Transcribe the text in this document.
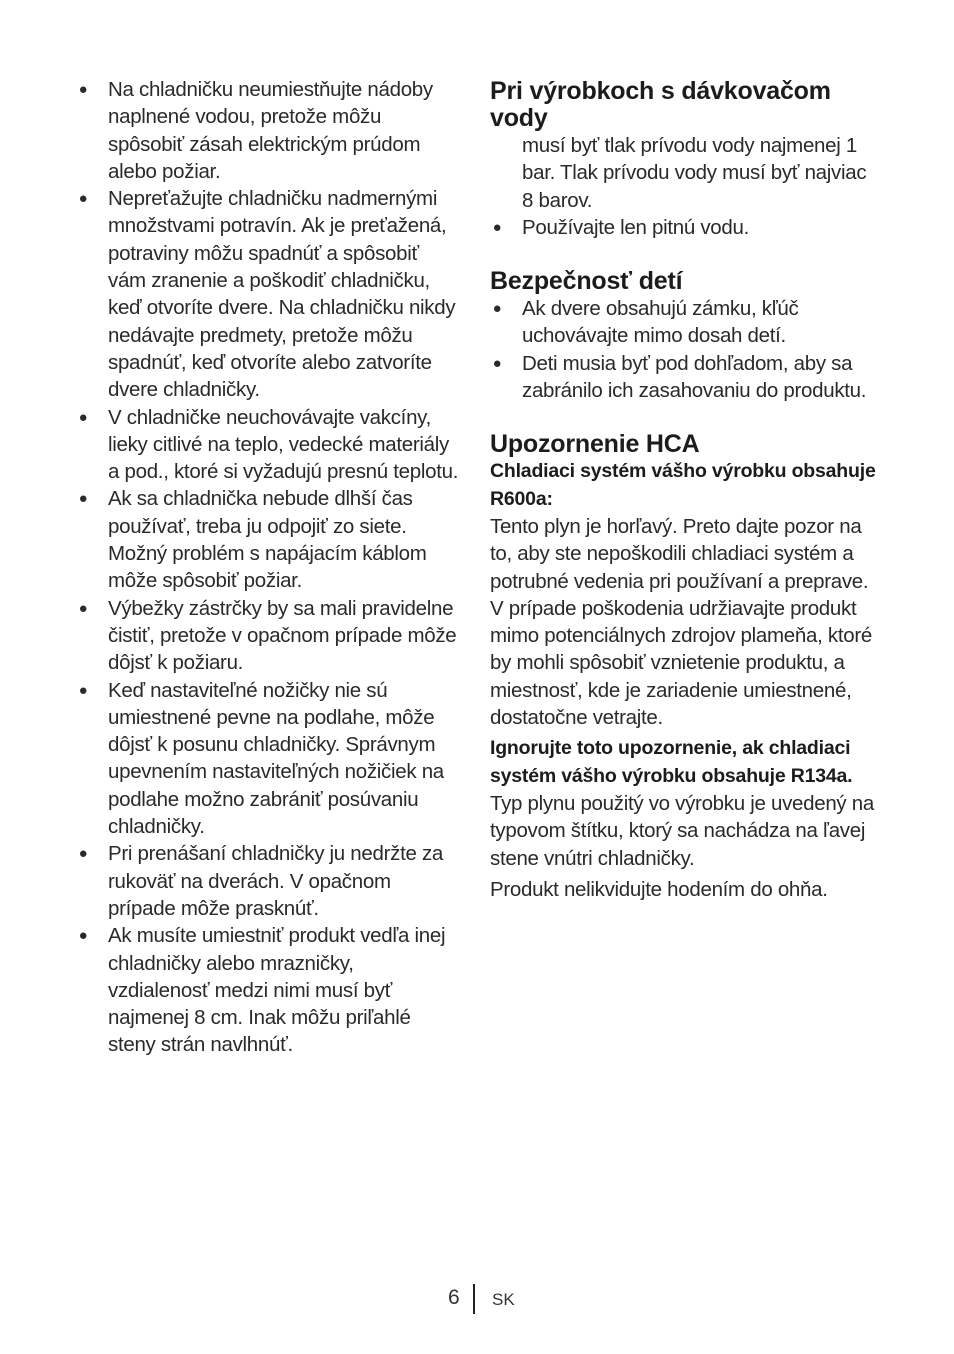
● Na chladničku neumiestňujte nádoby naplnené vodou, pretože môžu spôsobiť zásah elektrickým prúdom alebo požiar.
● Nepreťažujte chladničku nadmernými množstvami potravín. Ak je preťažená, potraviny môžu spadnúť a spôsobiť vám zranenie a poškodiť chladničku, keď otvoríte dvere. Na chladničku nikdy nedávajte predmety, pretože môžu spadnúť, keď otvoríte alebo zatvoríte dvere chladničky.
● V chladničke neuchovávajte vakcíny, lieky citlivé na teplo, vedecké materiály a pod., ktoré si vyžadujú presnú teplotu.
● Ak sa chladnička nebude dlhší čas používať, treba ju odpojiť zo siete. Možný problém s napájacím káblom môže spôsobiť požiar.
● Výbežky zástrčky by sa mali pravidelne čistiť, pretože v opačnom prípade môže dôjsť k požiaru.
● Keď nastaviteľné nožičky nie sú umiestnené pevne na podlahe, môže dôjsť k posunu chladničky. Správnym upevnením nastaviteľných nožičiek na podlahe možno zabrániť posúvaniu chladničky.
● Pri prenášaní chladničky ju nedržte za rukoväť na dverách. V opačnom prípade môže prasknúť.
● Ak musíte umiestniť produkt vedľa inej chladničky alebo mrazničky, vzdialenosť medzi nimi musí byť najmenej 8 cm. Inak môžu priľahlé steny strán navlhnúť.
Pri výrobkoch s dávkovačom vody
musí byť tlak prívodu vody najmenej 1 bar. Tlak prívodu vody musí byť najviac 8 barov.
● Používajte len pitnú vodu.
Bezpečnosť detí
● Ak dvere obsahujú zámku, kľúč uchovávajte mimo dosah detí.
● Deti musia byť pod dohľadom, aby sa zabránilo ich zasahovaniu do produktu.
Upozornenie HCA
Chladiaci systém vášho výrobku obsahuje R600a:

Tento plyn je horľavý. Preto dajte pozor na to, aby ste nepoškodili chladiaci systém a potrubné vedenia pri používaní a preprave. V prípade poškodenia udržiavajte produkt mimo potenciálnych zdrojov plameňa, ktoré by mohli spôsobiť vznietenie produktu, a miestnosť, kde je zariadenie umiestnené, dostatočne vetrajte.

Ignorujte toto upozornenie, ak chladiaci systém vášho výrobku obsahuje R134a.

Typ plynu použitý vo výrobku je uvedený na typovom štítku, ktorý sa nachádza na ľavej stene vnútri chladničky.

Produkt nelikvidujte hodením do ohňa.

6 SK
